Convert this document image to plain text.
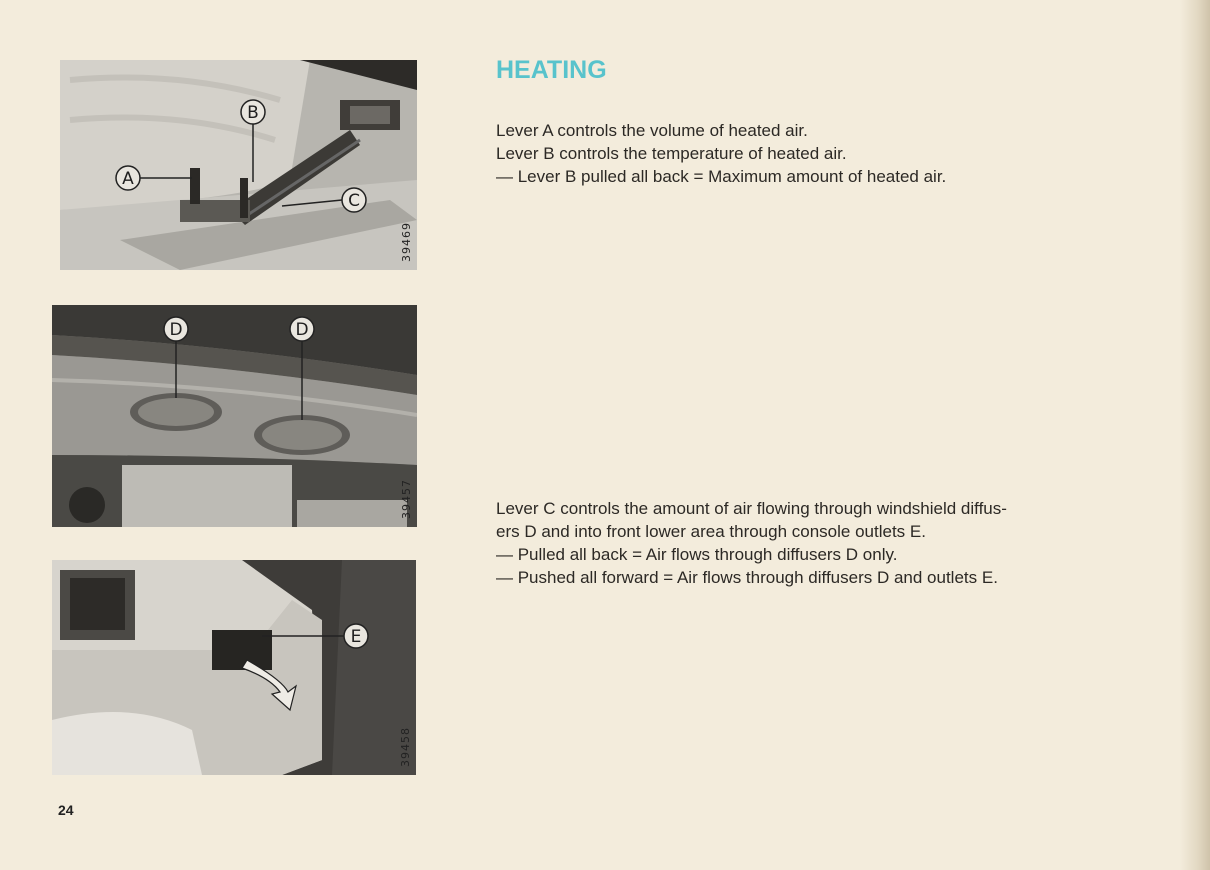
A
B
C
39469
D	D
39457
E
39458
HEATING

Lever A controls the volume of heated air.

Lever B controls the temperature of heated air.

— Lever B pulled all back = Maximum amount of heated air.

Lever C controls the amount of air flowing through windshield diffus-

ers D and into front lower area through console outlets E.

— Pulled all back = Air flows through diffusers D only.

— Pushed all forward = Air flows through diffusers D and outlets E.

24
